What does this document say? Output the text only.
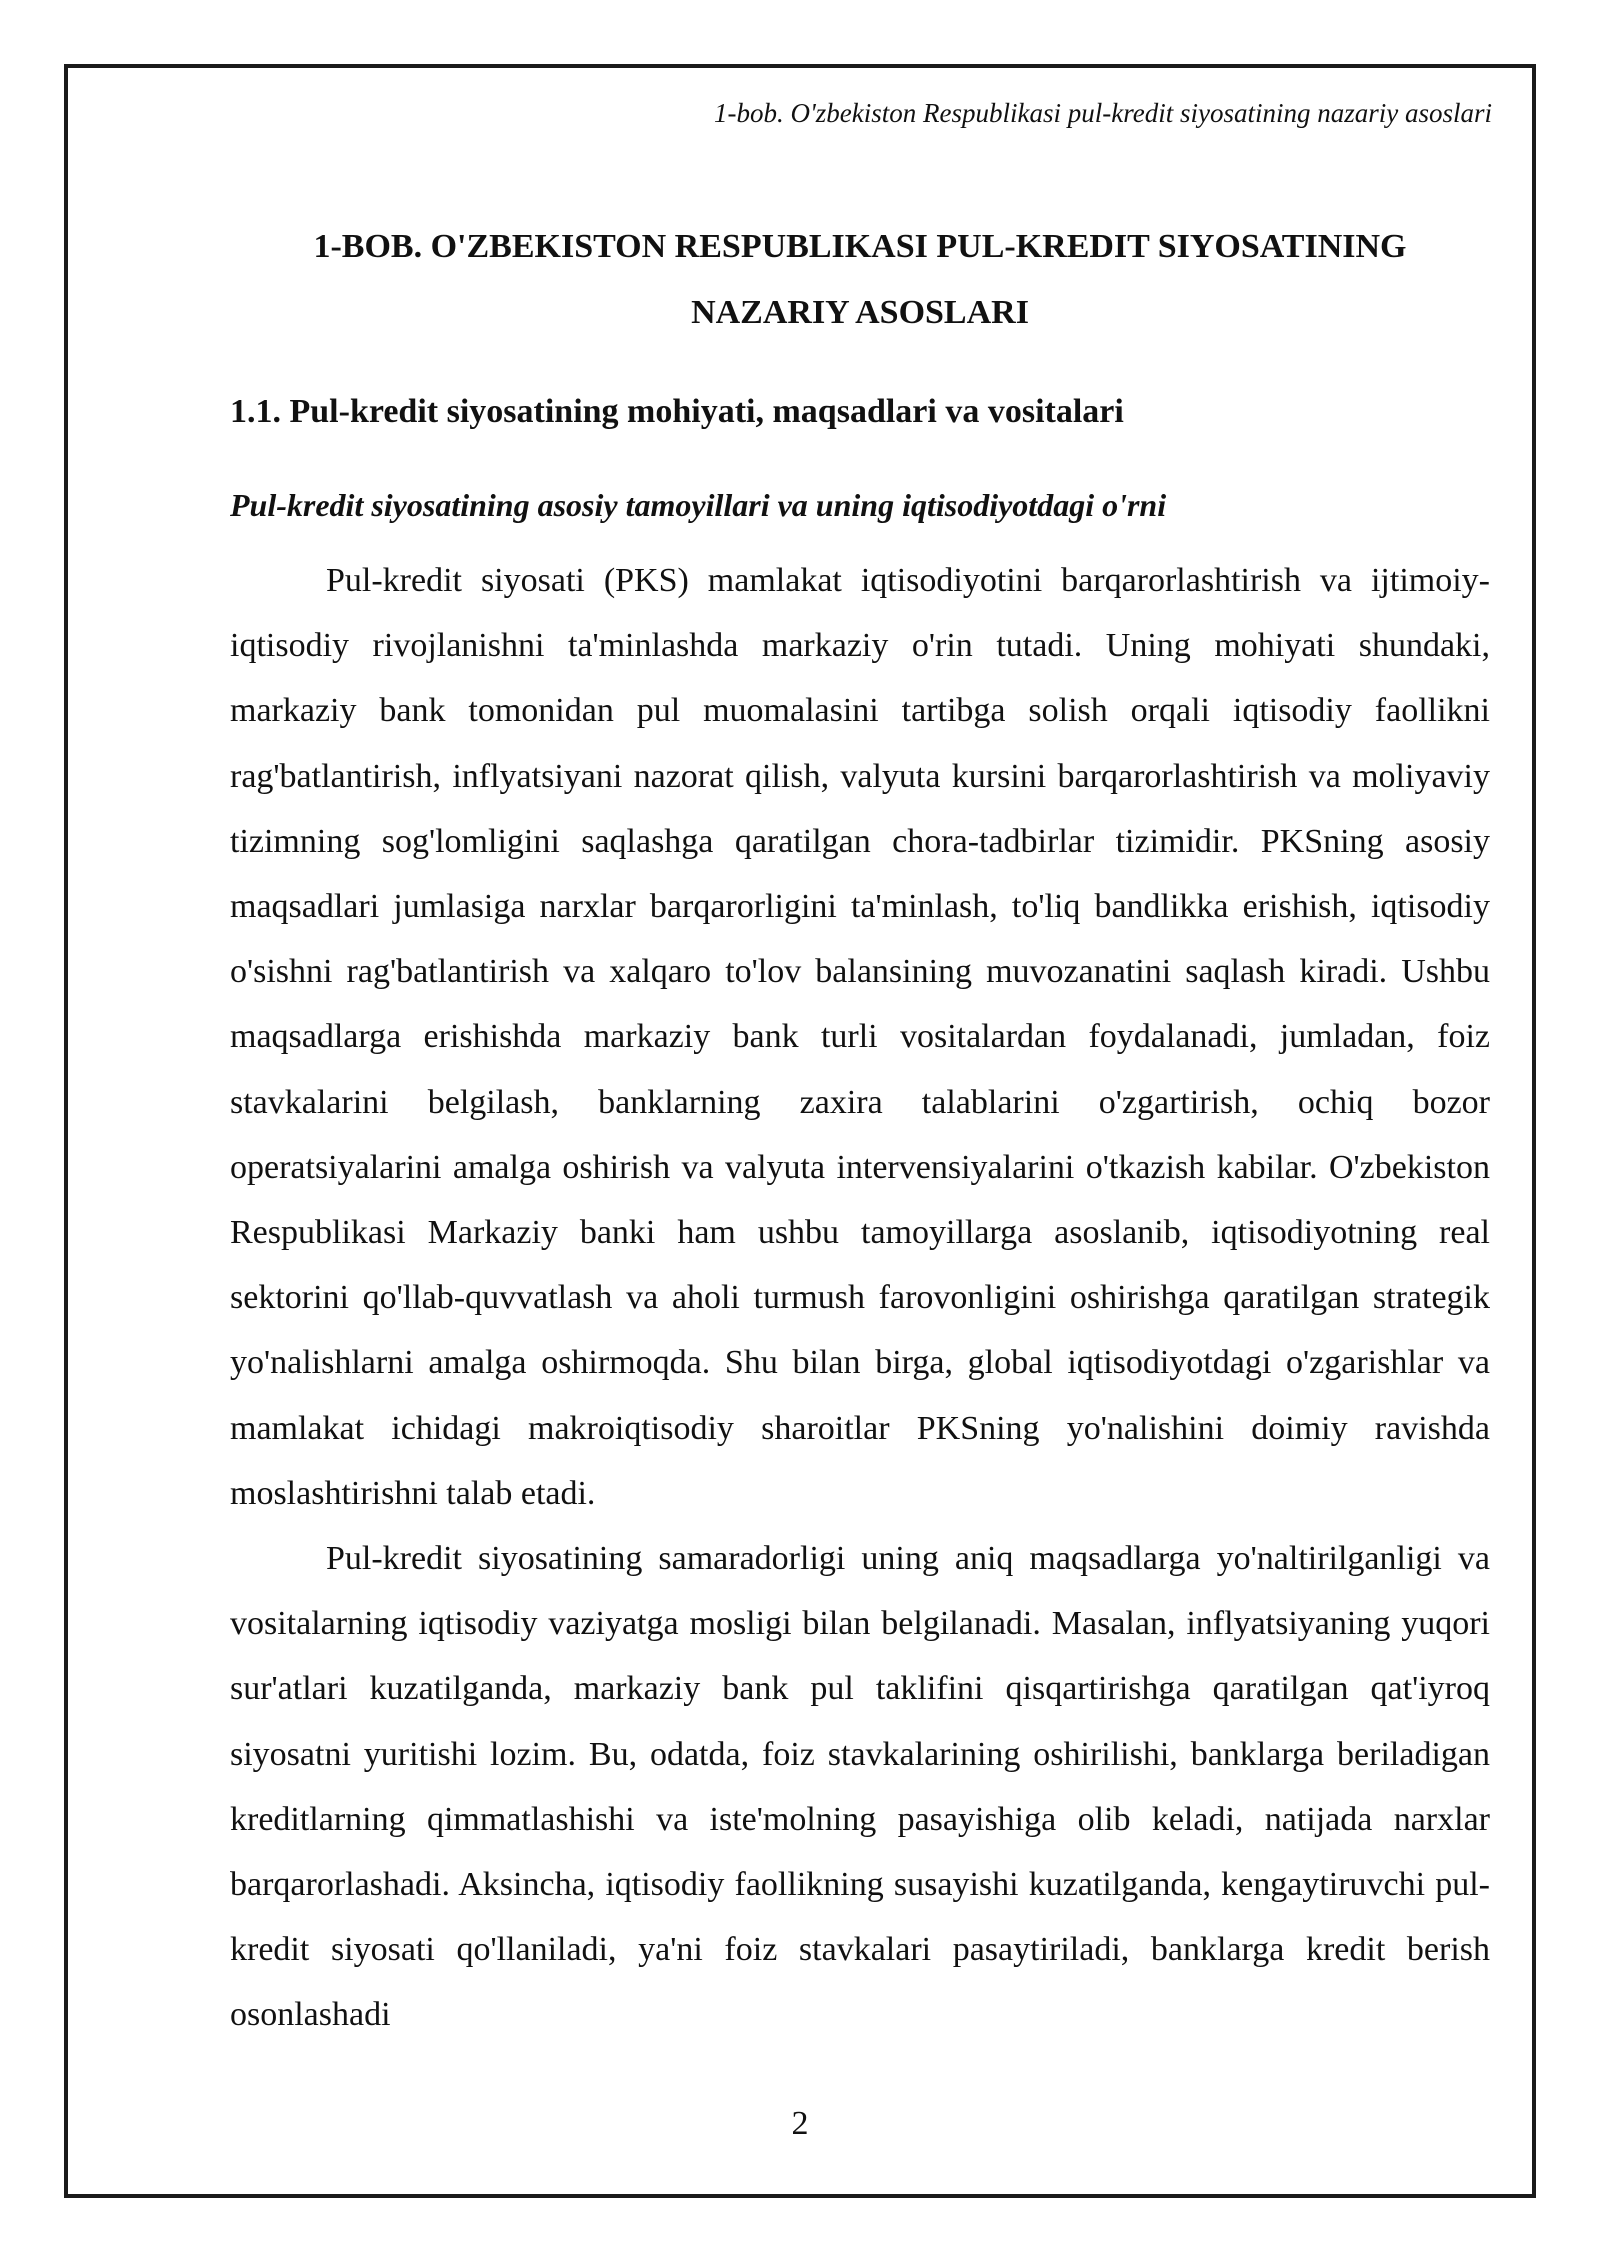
1-bob. O'zbekiston Respublikasi pul-kredit siyosatining nazariy asoslari
1-BOB. O'ZBEKISTON RESPUBLIKASI PUL-KREDIT SIYOSATINING NAZARIY ASOSLARI
1.1. Pul-kredit siyosatining mohiyati, maqsadlari va vositalari
Pul-kredit siyosatining asosiy tamoyillari va uning iqtisodiyotdagi o'rni

Pul-kredit siyosati (PKS) mamlakat iqtisodiyotini barqarorlashtirish va ijtimoiy-iqtisodiy rivojlanishni ta'minlashda markaziy o'rin tutadi. Uning mohiyati shundaki, markaziy bank tomonidan pul muomalasini tartibga solish orqali iqtisodiy faollikni rag'batlantirish, inflyatsiyani nazorat qilish, valyuta kursini barqarorlashtirish va moliyaviy tizimning sog'lomligini saqlashga qaratilgan chora-tadbirlar tizimidir. PKSning asosiy maqsadlari jumlasiga narxlar barqarorligini ta'minlash, to'liq bandlikka erishish, iqtisodiy o'sishni rag'batlantirish va xalqaro to'lov balansining muvozanatini saqlash kiradi. Ushbu maqsadlarga erishishda markaziy bank turli vositalardan foydalanadi, jumladan, foiz stavkalarini belgilash, banklarning zaxira talablarini o'zgartirish, ochiq bozor operatsiyalarini amalga oshirish va valyuta intervensiyalarini o'tkazish kabilar. O'zbekiston Respublikasi Markaziy banki ham ushbu tamoyillarga asoslanib, iqtisodiyotning real sektorini qo'llab-quvvatlash va aholi turmush farovonligini oshirishga qaratilgan strategik yo'nalishlarni amalga oshirmoqda. Shu bilan birga, global iqtisodiyotdagi o'zgarishlar va mamlakat ichidagi makroiqtisodiy sharoitlar PKSning yo'nalishini doimiy ravishda moslashtirishni talab etadi.

Pul-kredit siyosatining samaradorligi uning aniq maqsadlarga yo'naltirilganligi va vositalarning iqtisodiy vaziyatga mosligi bilan belgilanadi. Masalan, inflyatsiyaning yuqori sur'atlari kuzatilganda, markaziy bank pul taklifini qisqartirishga qaratilgan qat'iyroq siyosatni yuritishi lozim. Bu, odatda, foiz stavkalarining oshirilishi, banklarga beriladigan kreditlarning qimmatlashishi va iste'molning pasayishiga olib keladi, natijada narxlar barqarorlashadi. Aksincha, iqtisodiy faollikning susayishi kuzatilganda, kengaytiruvchi pul-kredit siyosati qo'llaniladi, ya'ni foiz stavkalari pasaytiriladi, banklarga kredit berish osonlashadi

2
